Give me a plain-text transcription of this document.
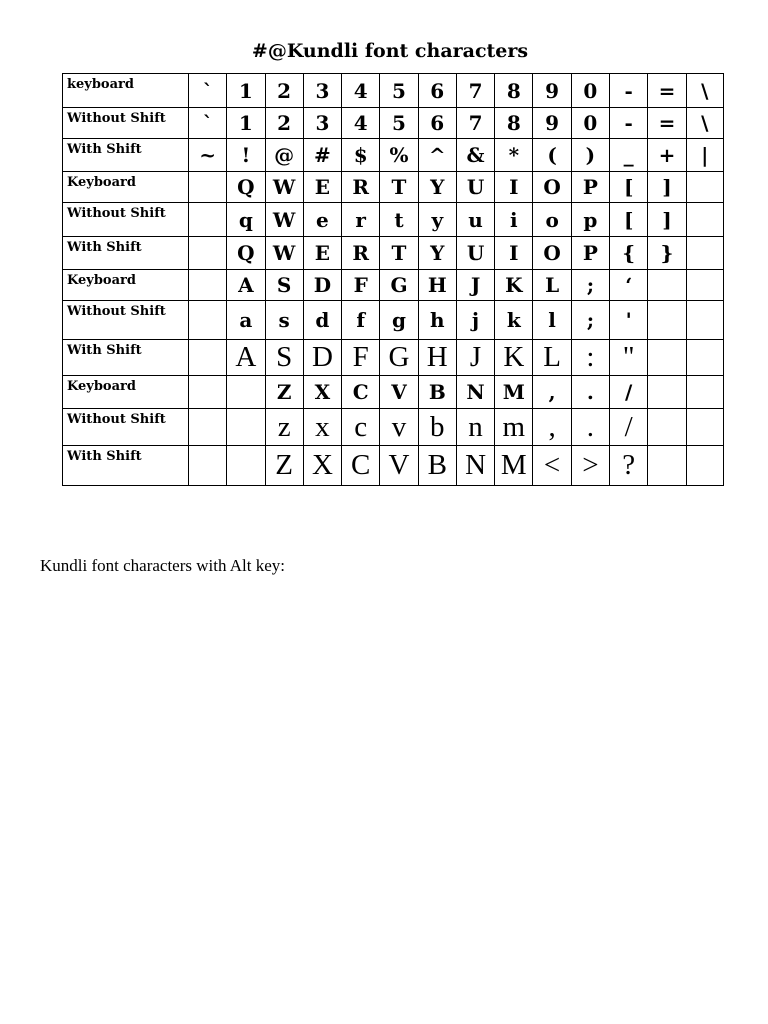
#@Kundli font characters
keyboard	`	1	2	3	4	5	6	7	8	9	0	-	=	\
Without Shift	`	1	2	3	4	5	6	7	8	9	0	-	=	\
With Shift	~	!	@	#	$	%	^	&	*	(	)	_	+	|
Keyboard		Q	W	E	R	T	Y	U	I	O	P	[	]	
Without Shift		q	W	e	r	t	y	u	i	o	p	[	]	
With Shift		Q	W	E	R	T	Y	U	I	O	P	{	}	
Keyboard		A	S	D	F	G	H	J	K	L	;	‘		
Without Shift		a	s	d	f	g	h	j	k	l	;	'		
With Shift		A	S	D	F	G	H	J	K	L	:	"		
Keyboard			Z	X	C	V	B	N	M	,	.	/		
Without Shift			z	x	c	v	b	n	m	,	.	/		
With Shift			Z	X	C	V	B	N	M	<	>	?		
Kundli font characters with Alt key:
